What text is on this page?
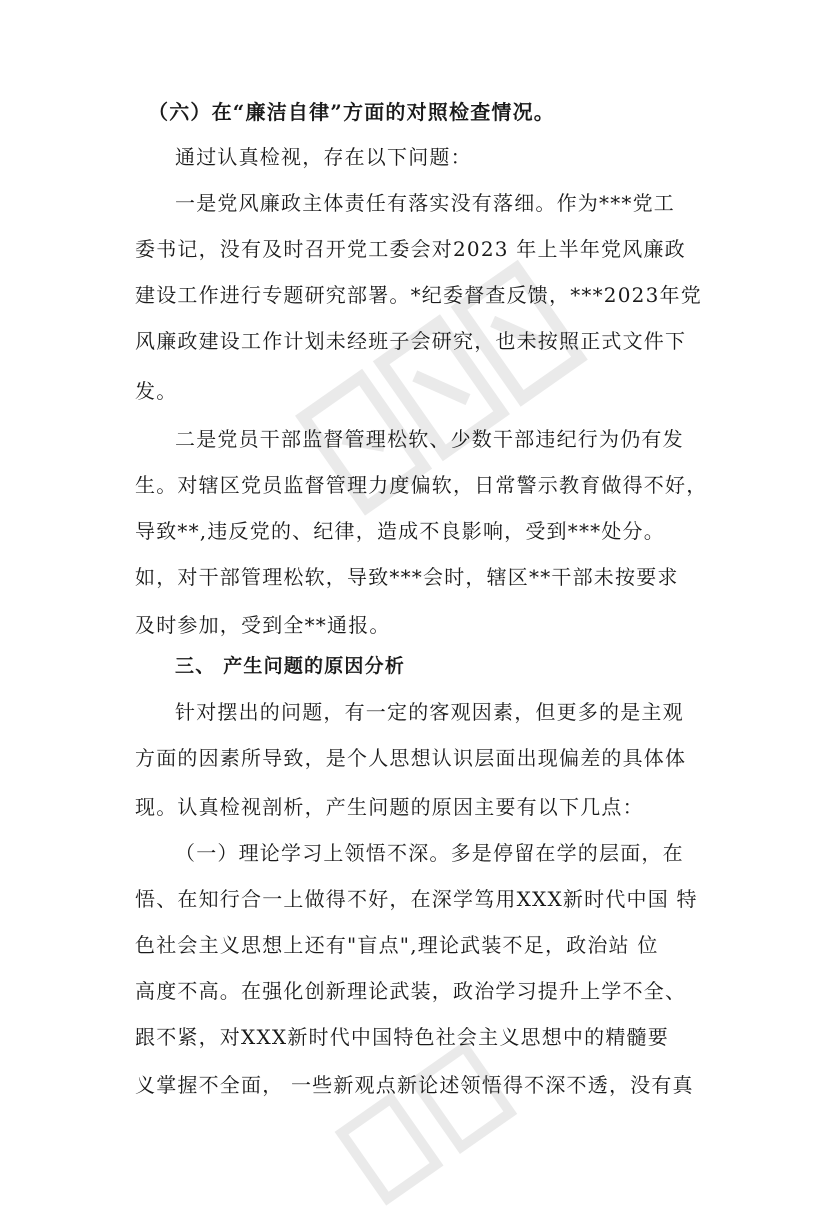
（六）在“廉洁自律”方面的对照检查情况。
通过认真检视，存在以下问题：
一是党风廉政主体责任有落实没有落细。作为***党工
委书记，没有及时召开党工委会对2023 年上半年党风廉政
建设工作进行专题研究部署。*纪委督查反馈，***2023年党
风廉政建设工作计划未经班子会研究，也未按照正式文件下
发。
二是党员干部监督管理松软、少数干部违纪行为仍有发
生。对辖区党员监督管理力度偏软，日常警示教育做得不好，
导致**,违反党的、纪律，造成不良影响，受到***处分。
如，对干部管理松软，导致***会时，辖区**干部未按要求
及时参加，受到全**通报。
三、 产生问题的原因分析
针对摆出的问题，有一定的客观因素，但更多的是主观
方面的因素所导致，是个人思想认识层面出现偏差的具体体
现。认真检视剖析，产生问题的原因主要有以下几点：
（一）理论学习上领悟不深。多是停留在学的层面，在
悟、在知行合一上做得不好，在深学笃用XXX新时代中国 特
色社会主义思想上还有"盲点",理论武装不足，政治站 位
高度不高。在强化创新理论武装，政治学习提升上学不全、
跟不紧，对XXX新时代中国特色社会主义思想中的精髓要
义掌握不全面， 一些新观点新论述领悟得不深不透，没有真
